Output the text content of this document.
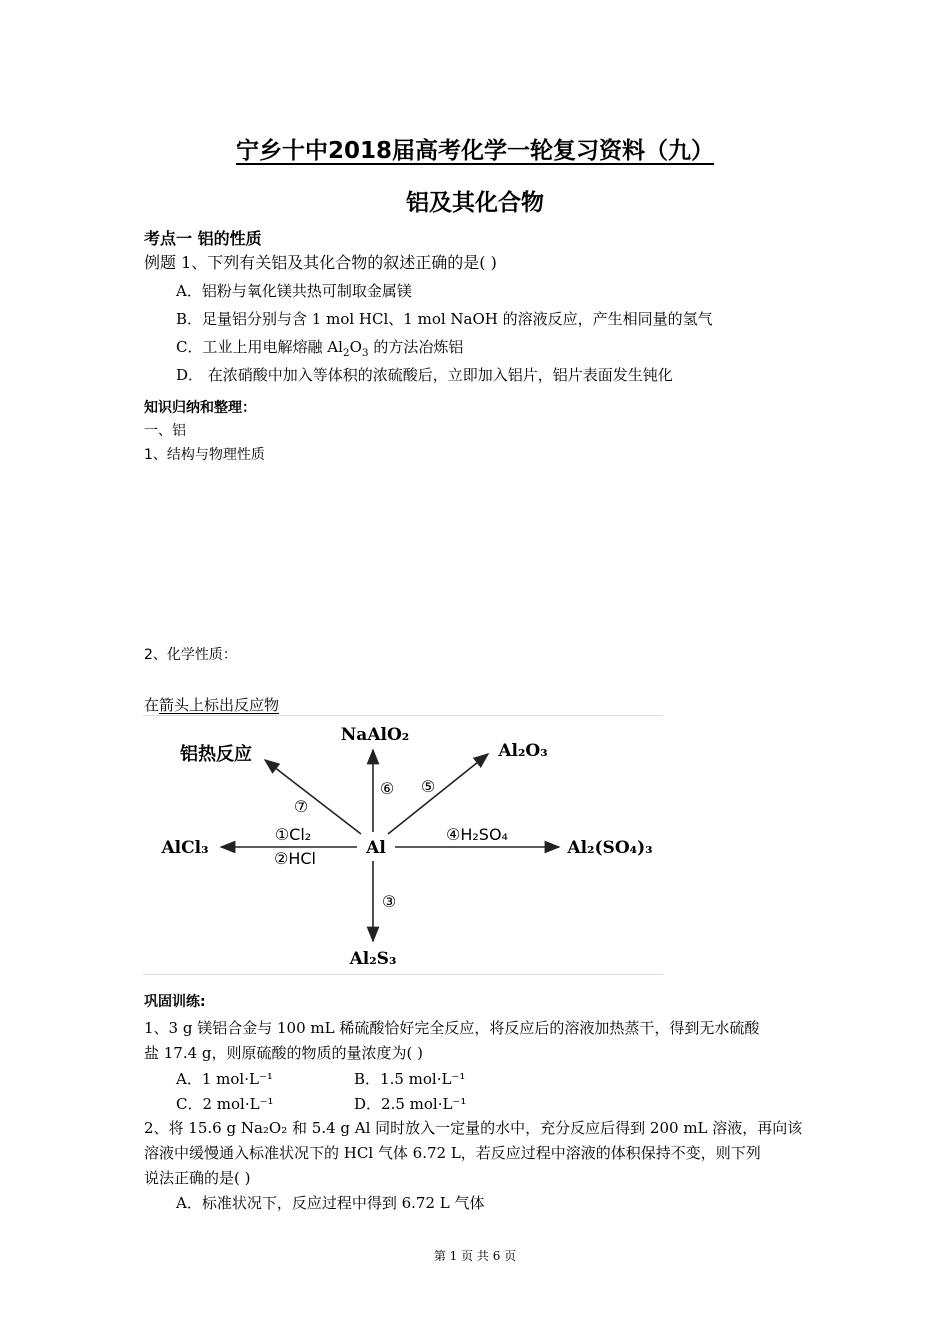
宁乡十中2018届高考化学一轮复习资料（九）
铝及其化合物
考点一 铝的性质
例题 1、下列有关铝及其化合物的叙述正确的是( )
A．铝粉与氧化镁共热可制取金属镁
B．足量铝分别与含 1 mol HCl、1 mol NaOH 的溶液反应，产生相同量的氢气
C．工业上用电解熔融 $Al_2O_3$ 的方法冶炼铝
D． 在浓硝酸中加入等体积的浓硫酸后，立即加入铝片，铝片表面发生钝化
知识归纳和整理：
一、铝
1、结构与物理性质
2、化学性质：
在箭头上标出反应物
Al
NaAlO₂
Al₂O₃
铝热反应
AlCl₃	Al₂(SO₄)₃
Al₂S₃
①Cl₂
②HCl
③
④H₂SO₄
⑤
⑥
⑦
巩固训练:
1、3 g 镁铝合金与 100 mL 稀硫酸恰好完全反应，将反应后的溶液加热蒸干，得到无水硫酸
盐 17.4 g，则原硫酸的物质的量浓度为( )
A．1 mol·L⁻¹	B．1.5 mol·L⁻¹
C．2 mol·L⁻¹	D．2.5 mol·L⁻¹
2、将 15.6 g Na₂O₂ 和 5.4 g Al 同时放入一定量的水中，充分反应后得到 200 mL 溶液，再向该
溶液中缓慢通入标准状况下的 HCl 气体 6.72 L，若反应过程中溶液的体积保持不变，则下列
说法正确的是( )
A．标准状况下，反应过程中得到 6.72 L 气体
第 1 页 共 6 页
